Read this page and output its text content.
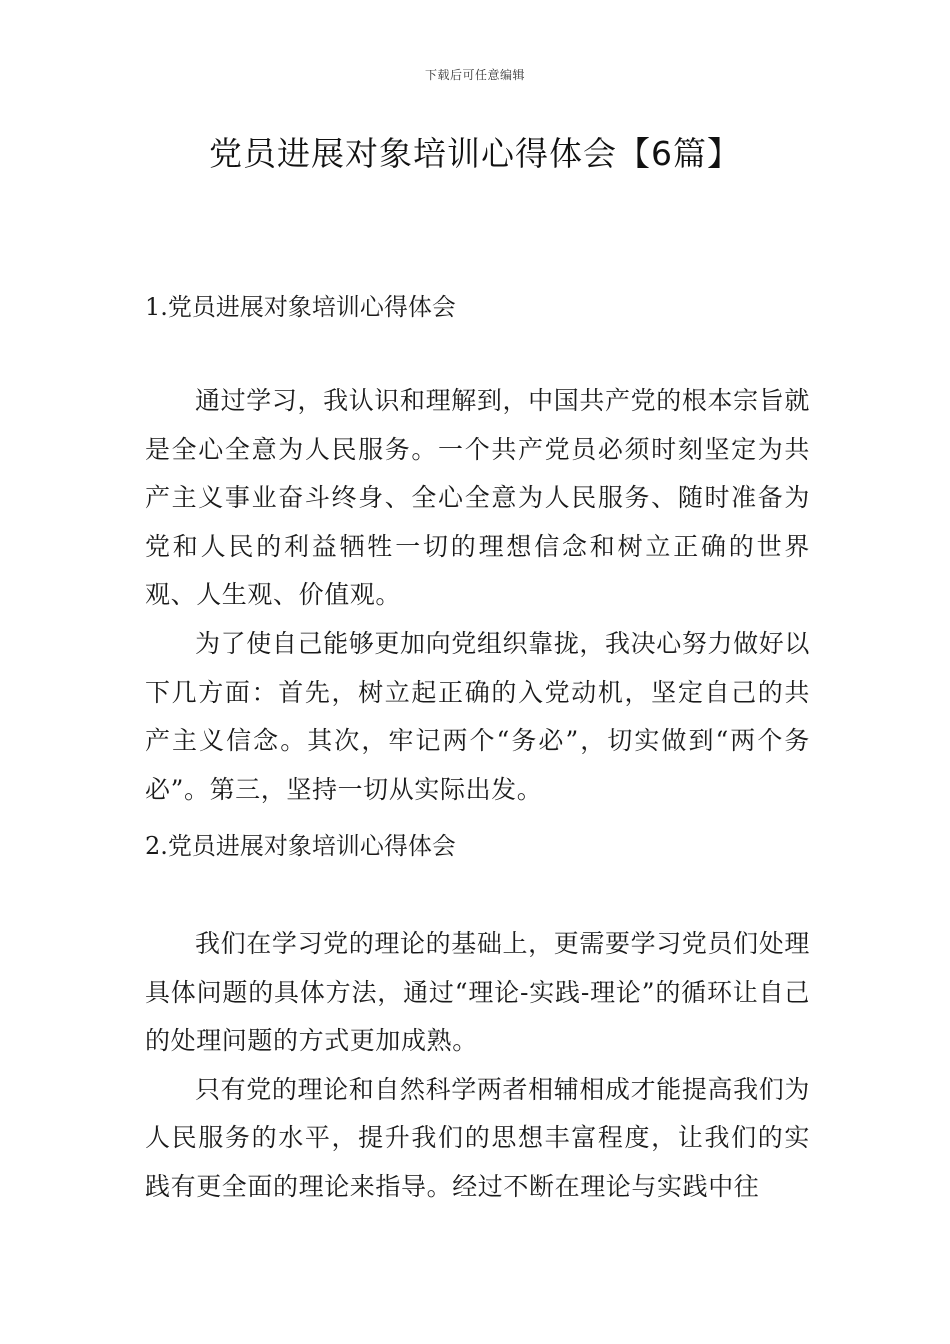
下载后可任意编辑
党员进展对象培训心得体会【6篇】

1.党员进展对象培训心得体会

通过学习，我认识和理解到，中国共产党的根本宗旨就是全心全意为人民服务。一个共产党员必须时刻坚定为共产主义事业奋斗终身、全心全意为人民服务、随时准备为党和人民的利益牺牲一切的理想信念和树立正确的世界观、人生观、价值观。

为了使自己能够更加向党组织靠拢，我决心努力做好以下几方面：首先，树立起正确的入党动机，坚定自己的共产主义信念。其次，牢记两个“务必”，切实做到“两个务必”。第三，坚持一切从实际出发。

2.党员进展对象培训心得体会

我们在学习党的理论的基础上，更需要学习党员们处理具体问题的具体方法，通过“理论-实践-理论”的循环让自己的处理问题的方式更加成熟。

只有党的理论和自然科学两者相辅相成才能提高我们为人民服务的水平，提升我们的思想丰富程度，让我们的实践有更全面的理论来指导。经过不断在理论与实践中往
